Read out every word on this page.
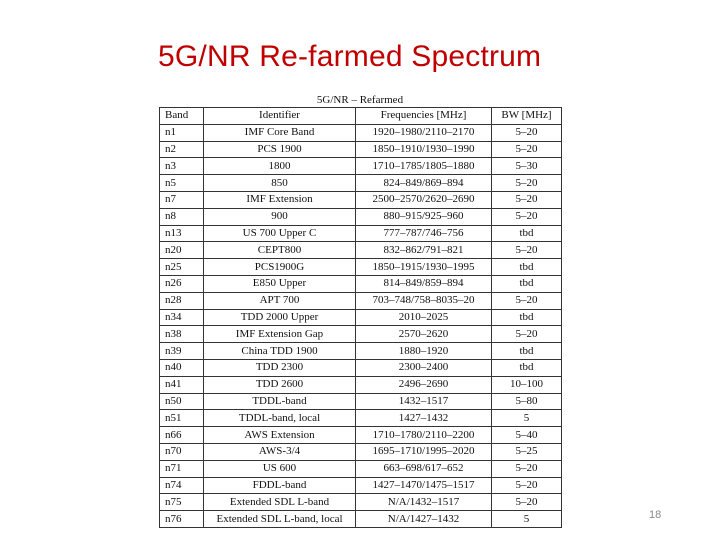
5G/NR Re-farmed Spectrum
5G/NR – Refarmed
Band	Identifier	Frequencies [MHz]	BW [MHz]
n1	IMF Core Band	1920–1980/2110–2170	5–20
n2	PCS 1900	1850–1910/1930–1990	5–20
n3	1800	1710–1785/1805–1880	5–30
n5	850	824–849/869–894	5–20
n7	IMF Extension	2500–2570/2620–2690	5–20
n8	900	880–915/925–960	5–20
n13	US 700 Upper C	777–787/746–756	tbd
n20	CEPT800	832–862/791–821	5–20
n25	PCS1900G	1850–1915/1930–1995	tbd
n26	E850 Upper	814–849/859–894	tbd
n28	APT 700	703–748/758–8035–20	5–20
n34	TDD 2000 Upper	2010–2025	tbd
n38	IMF Extension Gap	2570–2620	5–20
n39	China TDD 1900	1880–1920	tbd
n40	TDD 2300	2300–2400	tbd
n41	TDD 2600	2496–2690	10–100
n50	TDDL-band	1432–1517	5–80
n51	TDDL-band, local	1427–1432	5
n66	AWS Extension	1710–1780/2110–2200	5–40
n70	AWS-3/4	1695–1710/1995–2020	5–25
n71	US 600	663–698/617–652	5–20
n74	FDDL-band	1427–1470/1475–1517	5–20
n75	Extended SDL L-band	N/A/1432–1517	5–20
n76	Extended SDL L-band, local	N/A/1427–1432	5	18
